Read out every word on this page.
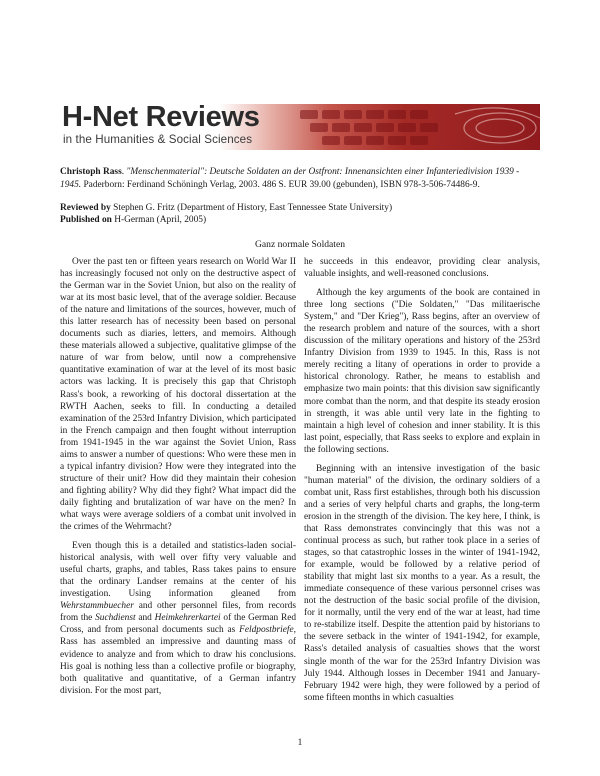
H-Net Reviews
in the Humanities & Social Sciences
Christoph Rass. "Menschenmaterial": Deutsche Soldaten an der Ostfront: Innenansichten einer Infanteriedivision 1939 - 1945. Paderborn: Ferdinand Schöningh Verlag, 2003. 486 S. EUR 39.00 (gebunden), ISBN 978-3-506-74486-9.
Reviewed by Stephen G. Fritz (Department of History, East Tennessee State University)
Published on H-German (April, 2005)
Ganz normale Soldaten

Over the past ten or fifteen years research on World War II has increasingly focused not only on the destructive aspect of the German war in the Soviet Union, but also on the reality of war at its most basic level, that of the average soldier. Because of the nature and limitations of the sources, however, much of this latter research has of necessity been based on personal documents such as diaries, letters, and memoirs. Although these materials allowed a subjective, qualitative glimpse of the nature of war from below, until now a comprehensive quantitative examination of war at the level of its most basic actors was lacking. It is precisely this gap that Christoph Rass's book, a reworking of his doctoral dissertation at the RWTH Aachen, seeks to fill. In conducting a detailed examination of the 253rd Infantry Division, which participated in the French campaign and then fought without interruption from 1941-1945 in the war against the Soviet Union, Rass aims to answer a number of questions: Who were these men in a typical infantry division? How were they integrated into the structure of their unit? How did they maintain their cohesion and fighting ability? Why did they fight? What impact did the daily fighting and brutalization of war have on the men? In what ways were average soldiers of a combat unit involved in the crimes of the Wehrmacht?

Even though this is a detailed and statistics-laden social-historical analysis, with well over fifty very valuable and useful charts, graphs, and tables, Rass takes pains to ensure that the ordinary Landser remains at the center of his investigation. Using information gleaned from Wehrstammbuecher and other personnel files, from records from the Suchdienst and Heimkehrerkartei of the German Red Cross, and from personal documents such as Feldpostbriefe, Rass has assembled an impressive and daunting mass of evidence to analyze and from which to draw his conclusions. His goal is nothing less than a collective profile or biography, both qualitative and quantitative, of a German infantry division. For the most part,

he succeeds in this endeavor, providing clear analysis, valuable insights, and well-reasoned conclusions.

Although the key arguments of the book are contained in three long sections ("Die Soldaten," "Das militaerische System," and "Der Krieg"), Rass begins, after an overview of the research problem and nature of the sources, with a short discussion of the military operations and history of the 253rd Infantry Division from 1939 to 1945. In this, Rass is not merely reciting a litany of operations in order to provide a historical chronology. Rather, he means to establish and emphasize two main points: that this division saw significantly more combat than the norm, and that despite its steady erosion in strength, it was able until very late in the fighting to maintain a high level of cohesion and inner stability. It is this last point, especially, that Rass seeks to explore and explain in the following sections.

Beginning with an intensive investigation of the basic "human material" of the division, the ordinary soldiers of a combat unit, Rass first establishes, through both his discussion and a series of very helpful charts and graphs, the long-term erosion in the strength of the division. The key here, I think, is that Rass demonstrates convincingly that this was not a continual process as such, but rather took place in a series of stages, so that catastrophic losses in the winter of 1941-1942, for example, would be followed by a relative period of stability that might last six months to a year. As a result, the immediate consequence of these various personnel crises was not the destruction of the basic social profile of the division, for it normally, until the very end of the war at least, had time to re-stabilize itself. Despite the attention paid by historians to the severe setback in the winter of 1941-1942, for example, Rass's detailed analysis of casualties shows that the worst single month of the war for the 253rd Infantry Division was July 1944. Although losses in December 1941 and January-February 1942 were high, they were followed by a period of some fifteen months in which casualties

1
